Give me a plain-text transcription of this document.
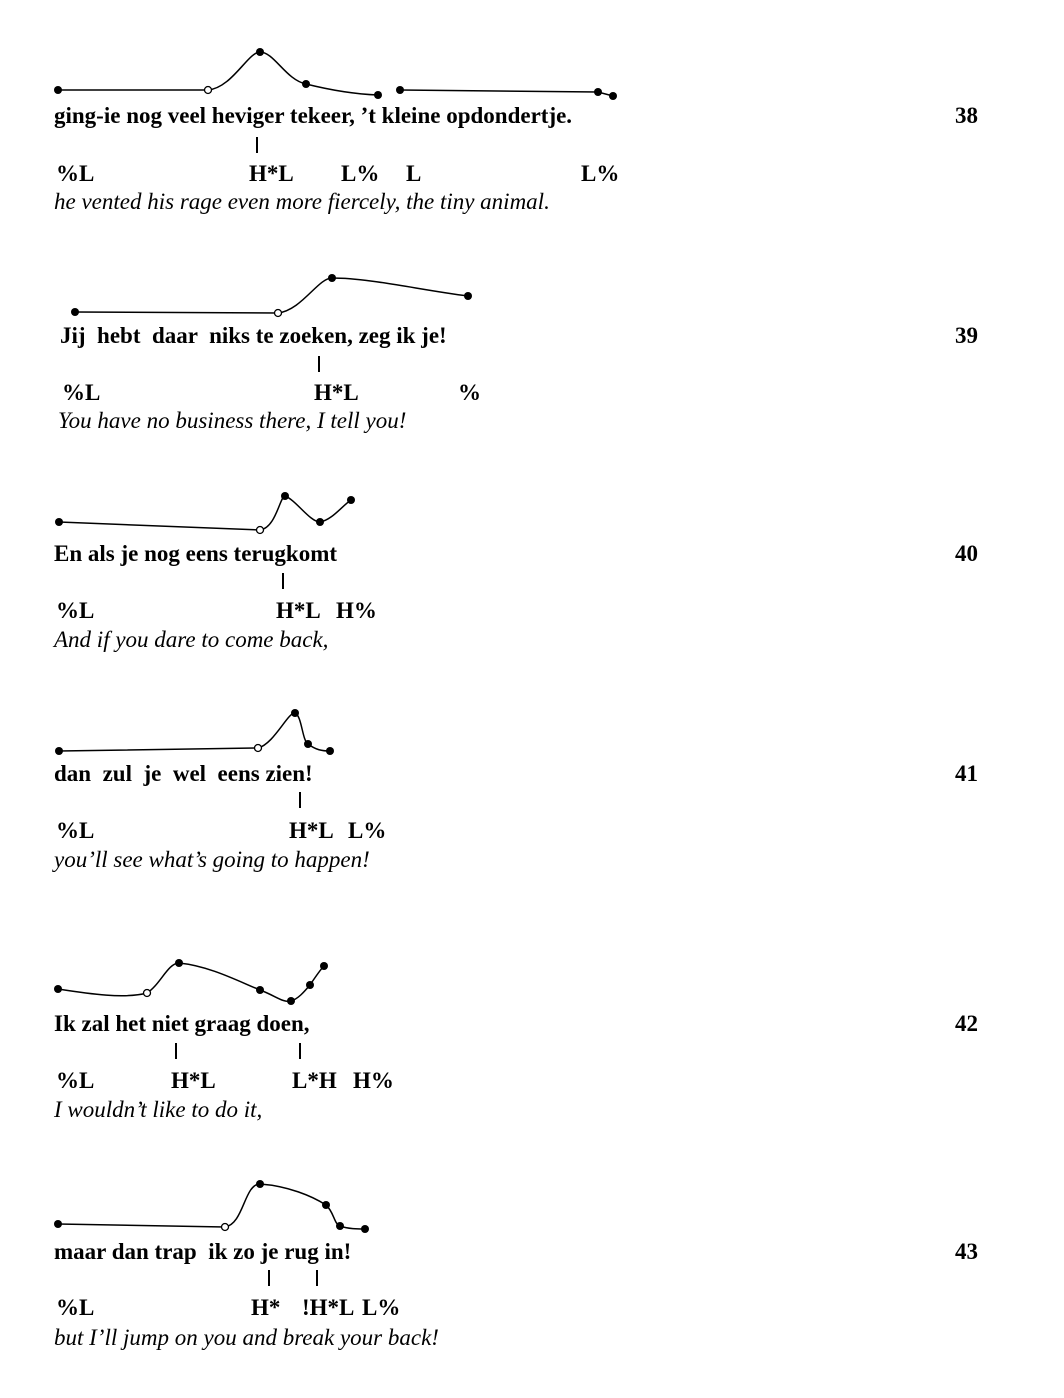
ging-ie nog veel heviger tekeer, ’t kleine opdondertje.	38
%L	H*L L% L	L%
he vented his rage even more fiercely, the tiny animal.
Jij  hebt  daar  niks te zoeken, zeg ik je!	39
%L	H*L	%
You have no business there, I tell you!
En als je nog eens terugkomt	40
%L	H*L H%
And if you dare to come back,
dan  zul  je  wel  eens zien!	41
%L	H*L L%
you’ll see what’s going to happen!
Ik zal het niet graag doen,	42
%L	H*L	L*H H%
I wouldn’t like to do it,
maar dan trap  ik zo je rug in!	43
%L	H* !H*L L%
but I’ll jump on you and break your back!
